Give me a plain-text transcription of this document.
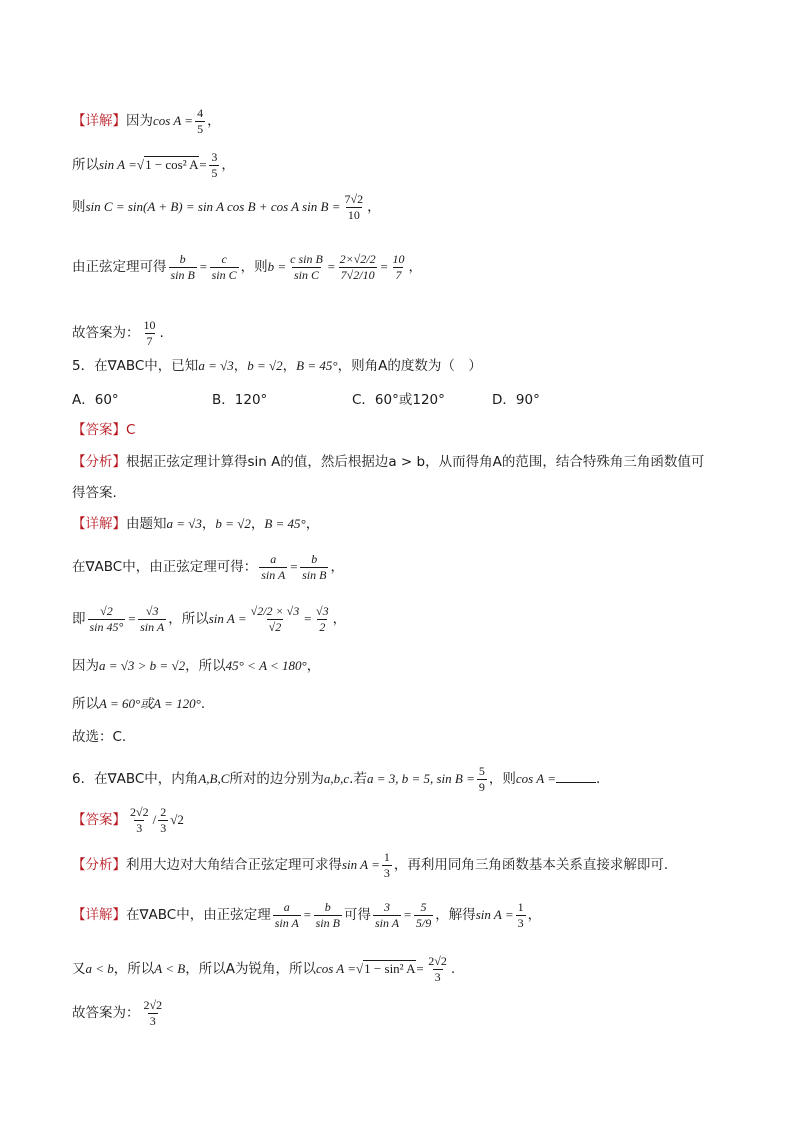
【详解】因为$\cos A = \frac{4}{5}$ ，
所以sin A =√1 − cos² $A= \frac{3}{5}$ ，
则sin C = sin(A + B) = sin A cos B + cos A $\sin B = \frac{7√2}{10}$ ，
由正弦定理可得 $\frac{b}{\text{sin B}} = \frac{c}{\text{sin C}}$ ，则$b = \frac{\text{c sin B}}{\text{sin C}} = \frac{2\times√2/2}{7√2/10} = \frac{10}{7}$ ，
故答案为： $\frac{10}{7}$ .
5．在∇ABC中，已知a = √3，b = √2，B = 45°，则角A的度数为（　）
A．60°	B．120°	C．60°或120°	D．90°
【答案】C
【分析】根据正弦定理计算得sin A的值，然后根据边a > b，从而得角A的范围，结合特殊角三角函数值可
得答案.
【详解】由题知a = √3，b = √2，B = 45°，
在∇ABC中，由正弦定理可得： $\frac{a}{\text{sin A}} = \frac{b}{\text{sin B}}$ ，
即 $\frac{√2}{\sin 45^\circ} = \frac{√3}{\text{sin A}}$ ，所以$\sin A = \frac{√2/2 \times √3}{√2} = \frac{√3}{2}$ ，
因为a = √3 > b = √2，所以45° < A < 180°，
所以A = 60°或A = 120°.
故选：C.
6．在∇ABC中，内角A,B,C所对的边分别为a,b,c.若a = 3, b = 5, $\sin B = \frac{5}{9}$ ，则cos A =	.
【答案】 $\frac{2√2}{3} / \frac{2}{3} √2$
【分析】利用大边对大角结合正弦定理可求得$\sin A = \frac{1}{3}$ ，再利用同角三角函数基本关系直接求解即可.
【详解】在∇ABC中，由正弦定理 $\frac{a}{\text{sin A}} = \frac{b}{\text{sin B}}$ 可得 $\frac{3}{\text{sin A}} = \frac{5}{5/9}$ ，解得$\sin A = \frac{1}{3}$ ，
又a < b，所以A < B，所以A为锐角，所以cos A =√1 − sin² $A= \frac{2√2}{3}$ .
故答案为： $\frac{2√2}{3}$
